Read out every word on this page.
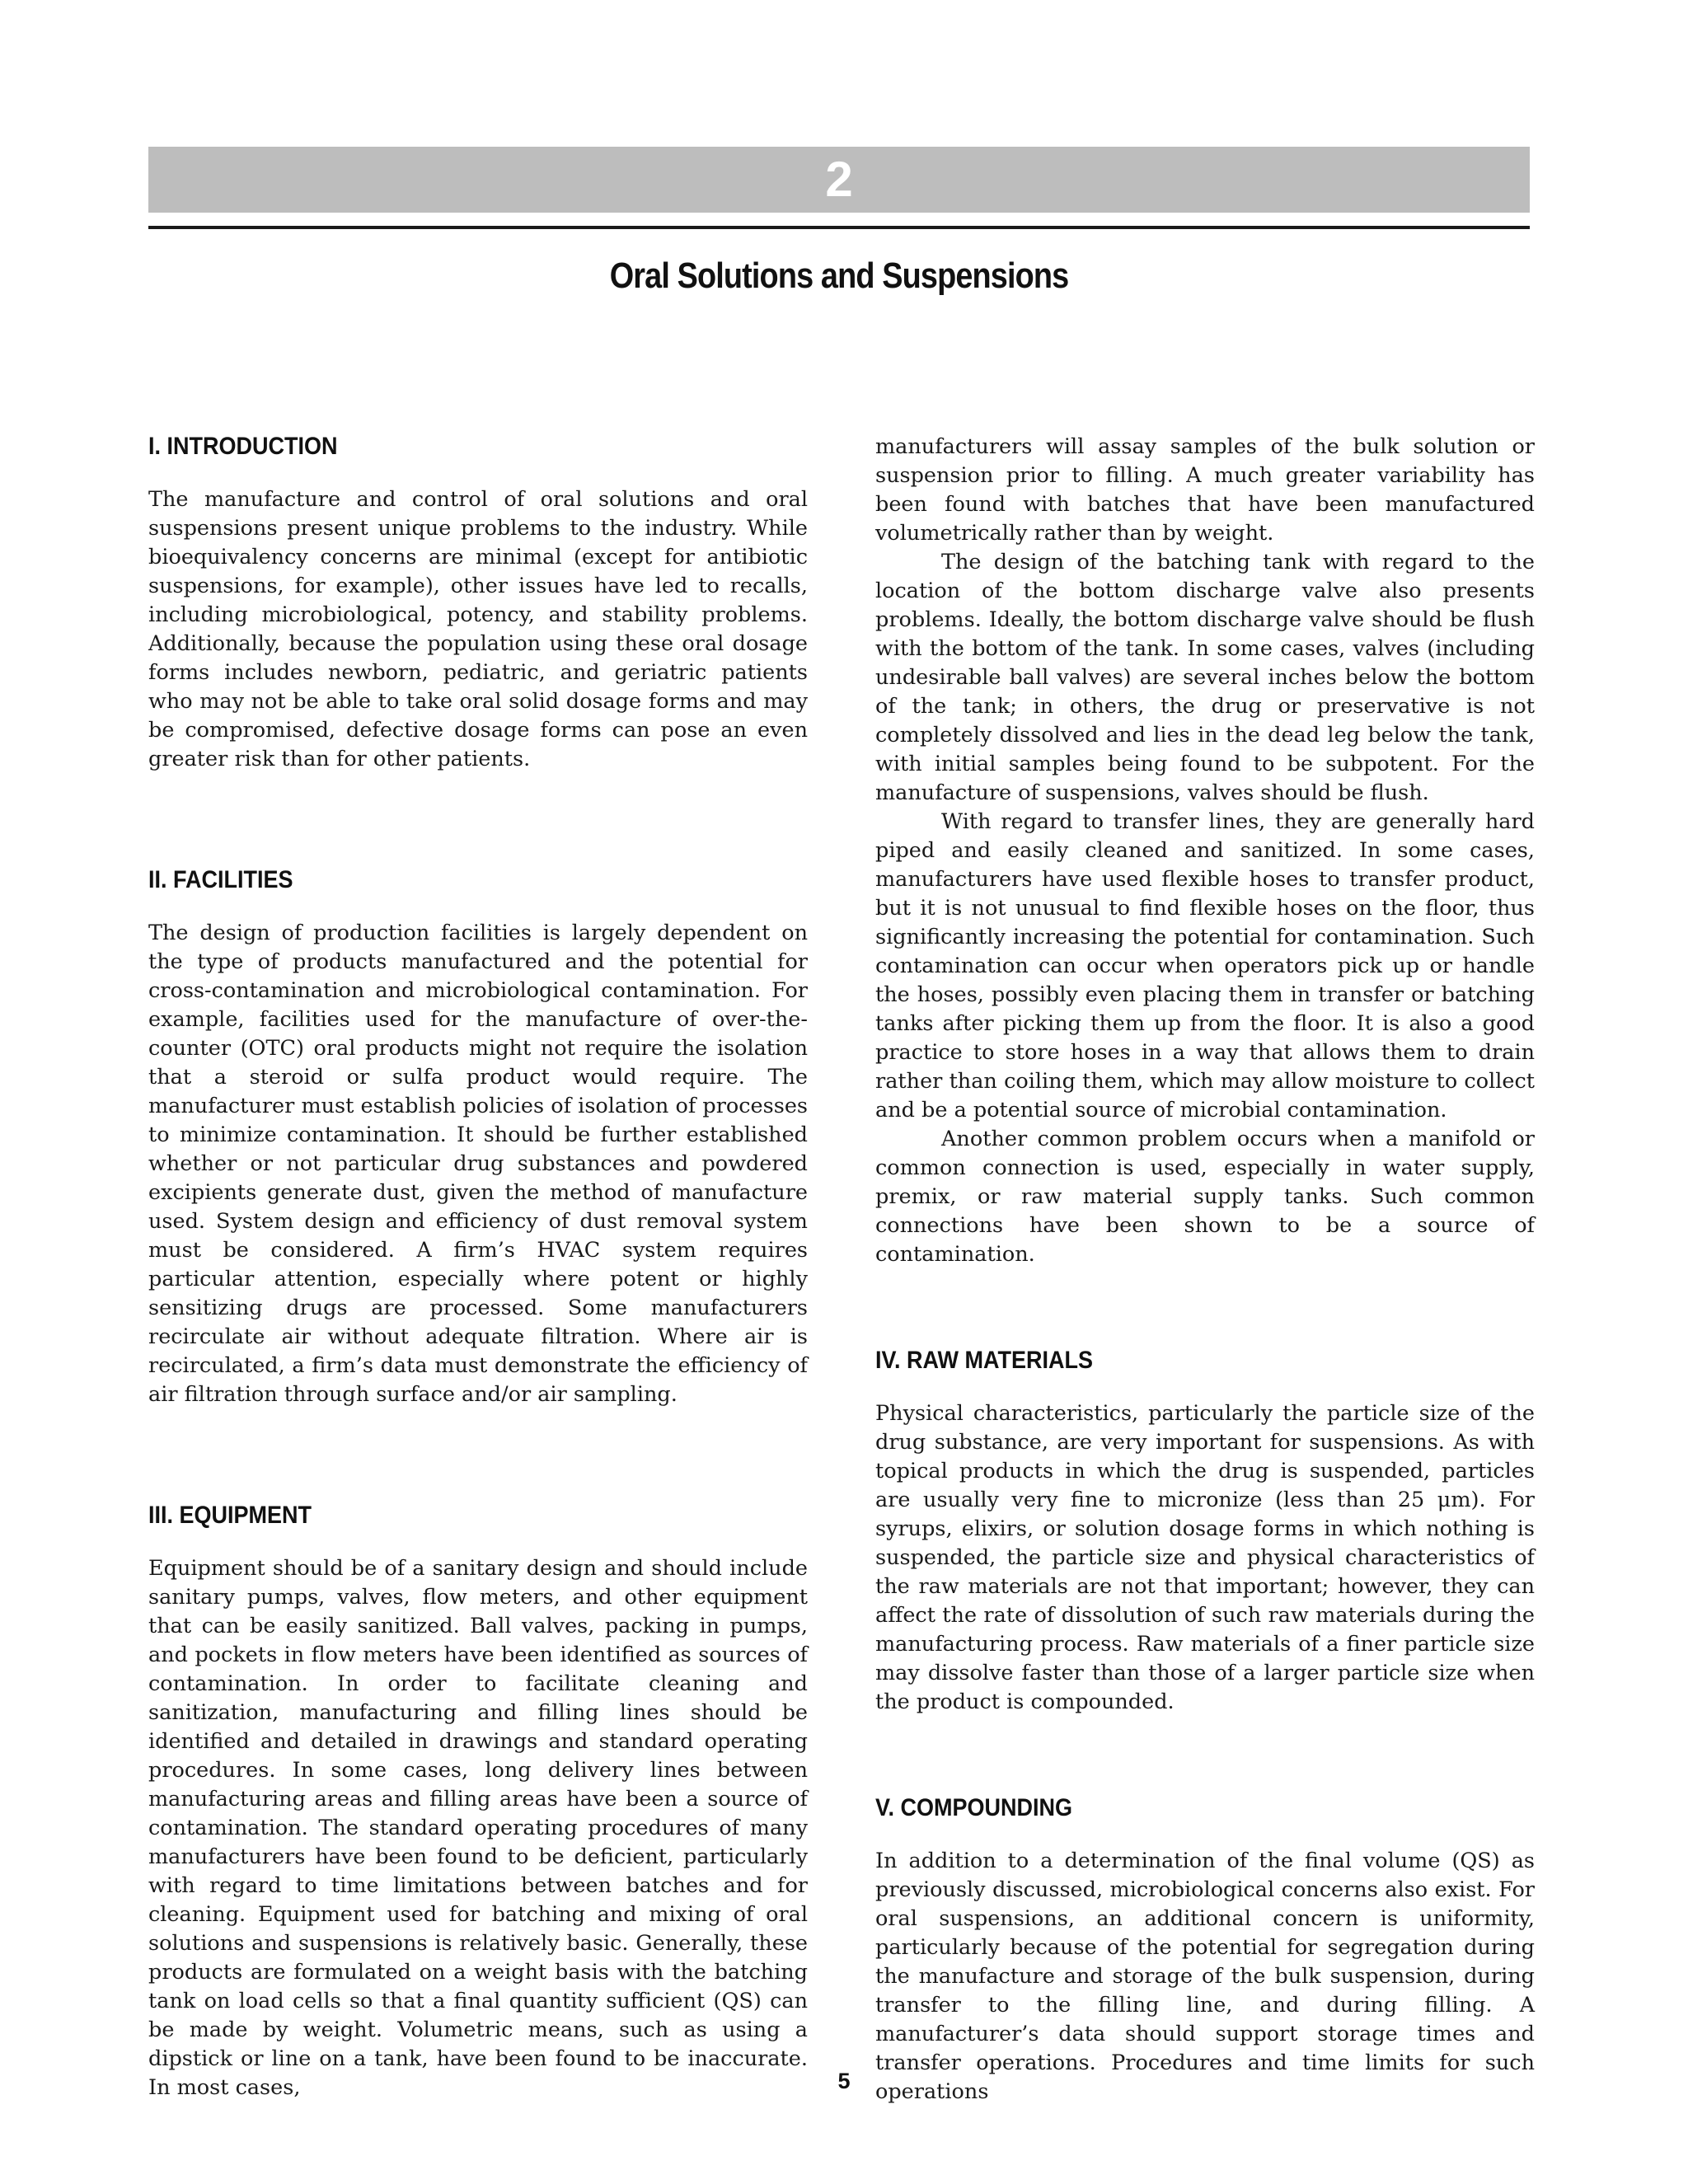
2
Oral Solutions and Suspensions
I. INTRODUCTION

The manufacture and control of oral solutions and oral suspensions present unique problems to the industry. While bioequivalency concerns are minimal (except for antibiotic suspensions, for example), other issues have led to recalls, including microbiological, potency, and stability problems. Additionally, because the population using these oral dosage forms includes newborn, pediatric, and geriatric patients who may not be able to take oral solid dosage forms and may be compromised, defective dosage forms can pose an even greater risk than for other patients.

II. FACILITIES

The design of production facilities is largely dependent on the type of products manufactured and the potential for cross-contamination and microbiological contamination. For example, facilities used for the manufacture of over-the-counter (OTC) oral products might not require the isolation that a steroid or sulfa product would require. The manufacturer must establish policies of isolation of processes to minimize contamination. It should be further established whether or not particular drug substances and powdered excipients generate dust, given the method of manufacture used. System design and efficiency of dust removal system must be considered. A firm’s HVAC system requires particular attention, especially where potent or highly sensitizing drugs are processed. Some manufacturers recirculate air without adequate filtration. Where air is recirculated, a firm’s data must demonstrate the efficiency of air filtration through surface and/or air sampling.

III. EQUIPMENT

Equipment should be of a sanitary design and should include sanitary pumps, valves, flow meters, and other equipment that can be easily sanitized. Ball valves, packing in pumps, and pockets in flow meters have been identified as sources of contamination. In order to facilitate cleaning and sanitization, manufacturing and filling lines should be identified and detailed in drawings and standard operating procedures. In some cases, long delivery lines between manufacturing areas and filling areas have been a source of contamination. The standard operating procedures of many manufacturers have been found to be deficient, particularly with regard to time limitations between batches and for cleaning. Equipment used for batching and mixing of oral solutions and suspensions is relatively basic. Generally, these products are formulated on a weight basis with the batching tank on load cells so that a final quantity sufficient (QS) can be made by weight. Volumetric means, such as using a dipstick or line on a tank, have been found to be inaccurate. In most cases,

manufacturers will assay samples of the bulk solution or suspension prior to filling. A much greater variability has been found with batches that have been manufactured volumetrically rather than by weight.

The design of the batching tank with regard to the location of the bottom discharge valve also presents problems. Ideally, the bottom discharge valve should be flush with the bottom of the tank. In some cases, valves (including undesirable ball valves) are several inches below the bottom of the tank; in others, the drug or preservative is not completely dissolved and lies in the dead leg below the tank, with initial samples being found to be subpotent. For the manufacture of suspensions, valves should be flush.

With regard to transfer lines, they are generally hard piped and easily cleaned and sanitized. In some cases, manufacturers have used flexible hoses to transfer product, but it is not unusual to find flexible hoses on the floor, thus significantly increasing the potential for contamination. Such contamination can occur when operators pick up or handle the hoses, possibly even placing them in transfer or batching tanks after picking them up from the floor. It is also a good practice to store hoses in a way that allows them to drain rather than coiling them, which may allow moisture to collect and be a potential source of microbial contamination.

Another common problem occurs when a manifold or common connection is used, especially in water supply, premix, or raw material supply tanks. Such common connections have been shown to be a source of contamination.

IV. RAW MATERIALS

Physical characteristics, particularly the particle size of the drug substance, are very important for suspensions. As with topical products in which the drug is suspended, particles are usually very fine to micronize (less than 25 μm). For syrups, elixirs, or solution dosage forms in which nothing is suspended, the particle size and physical characteristics of the raw materials are not that important; however, they can affect the rate of dissolution of such raw materials during the manufacturing process. Raw materials of a finer particle size may dissolve faster than those of a larger particle size when the product is compounded.

V. COMPOUNDING

In addition to a determination of the final volume (QS) as previously discussed, microbiological concerns also exist. For oral suspensions, an additional concern is uniformity, particularly because of the potential for segregation during the manufacture and storage of the bulk suspension, during transfer to the filling line, and during filling. A manufacturer’s data should support storage times and transfer operations. Procedures and time limits for such operations

5
